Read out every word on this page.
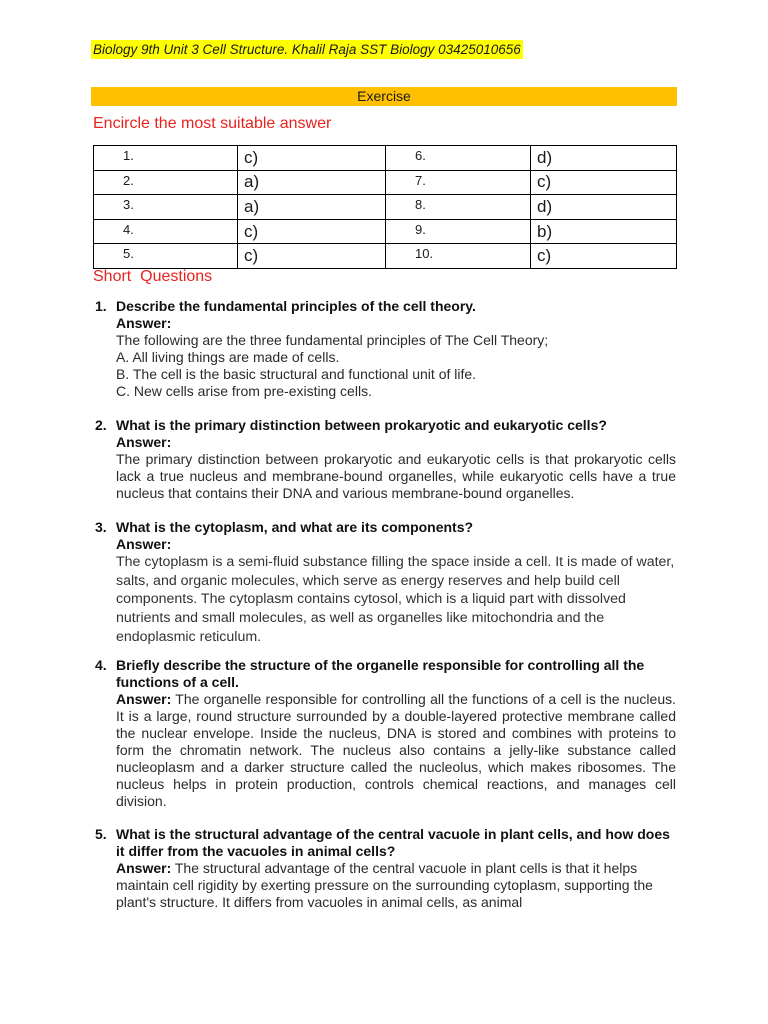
Biology 9th Unit 3 Cell Structure. Khalil Raja SST Biology 03425010656
Exercise
Encircle the most suitable answer
1.	c)	6.	d)
2.	a)	7.	c)
3.	a)	8.	d)
4.	c)	9.	b)
5.	c)	10.	c)
Short  Questions
1. Describe the fundamental principles of the cell theory.
Answer:
The following are the three fundamental principles of The Cell Theory;
A. All living things are made of cells.
B. The cell is the basic structural and functional unit of life.
C. New cells arise from pre-existing cells.
2. What is the primary distinction between prokaryotic and eukaryotic cells?
Answer:
The primary distinction between prokaryotic and eukaryotic cells is that prokaryotic cells lack a true nucleus and membrane-bound organelles, while eukaryotic cells have a true nucleus that contains their DNA and various membrane-bound organelles.
3. What is the cytoplasm, and what are its components?
Answer:
The cytoplasm is a semi-fluid substance filling the space inside a cell. It is made of water, salts, and organic molecules, which serve as energy reserves and help build cell components. The cytoplasm contains cytosol, which is a liquid part with dissolved nutrients and small molecules, as well as organelles like mitochondria and the endoplasmic reticulum.
4. Briefly describe the structure of the organelle responsible for controlling all the functions of a cell.
Answer: The organelle responsible for controlling all the functions of a cell is the nucleus. It is a large, round structure surrounded by a double-layered protective membrane called the nuclear envelope. Inside the nucleus, DNA is stored and combines with proteins to form the chromatin network. The nucleus also contains a jelly-like substance called nucleoplasm and a darker structure called the nucleolus, which makes ribosomes. The nucleus helps in protein production, controls chemical reactions, and manages cell division.
5. What is the structural advantage of the central vacuole in plant cells, and how does it differ from the vacuoles in animal cells?
Answer: The structural advantage of the central vacuole in plant cells is that it helps maintain cell rigidity by exerting pressure on the surrounding cytoplasm, supporting the plant's structure. It differs from vacuoles in animal cells, as animal
